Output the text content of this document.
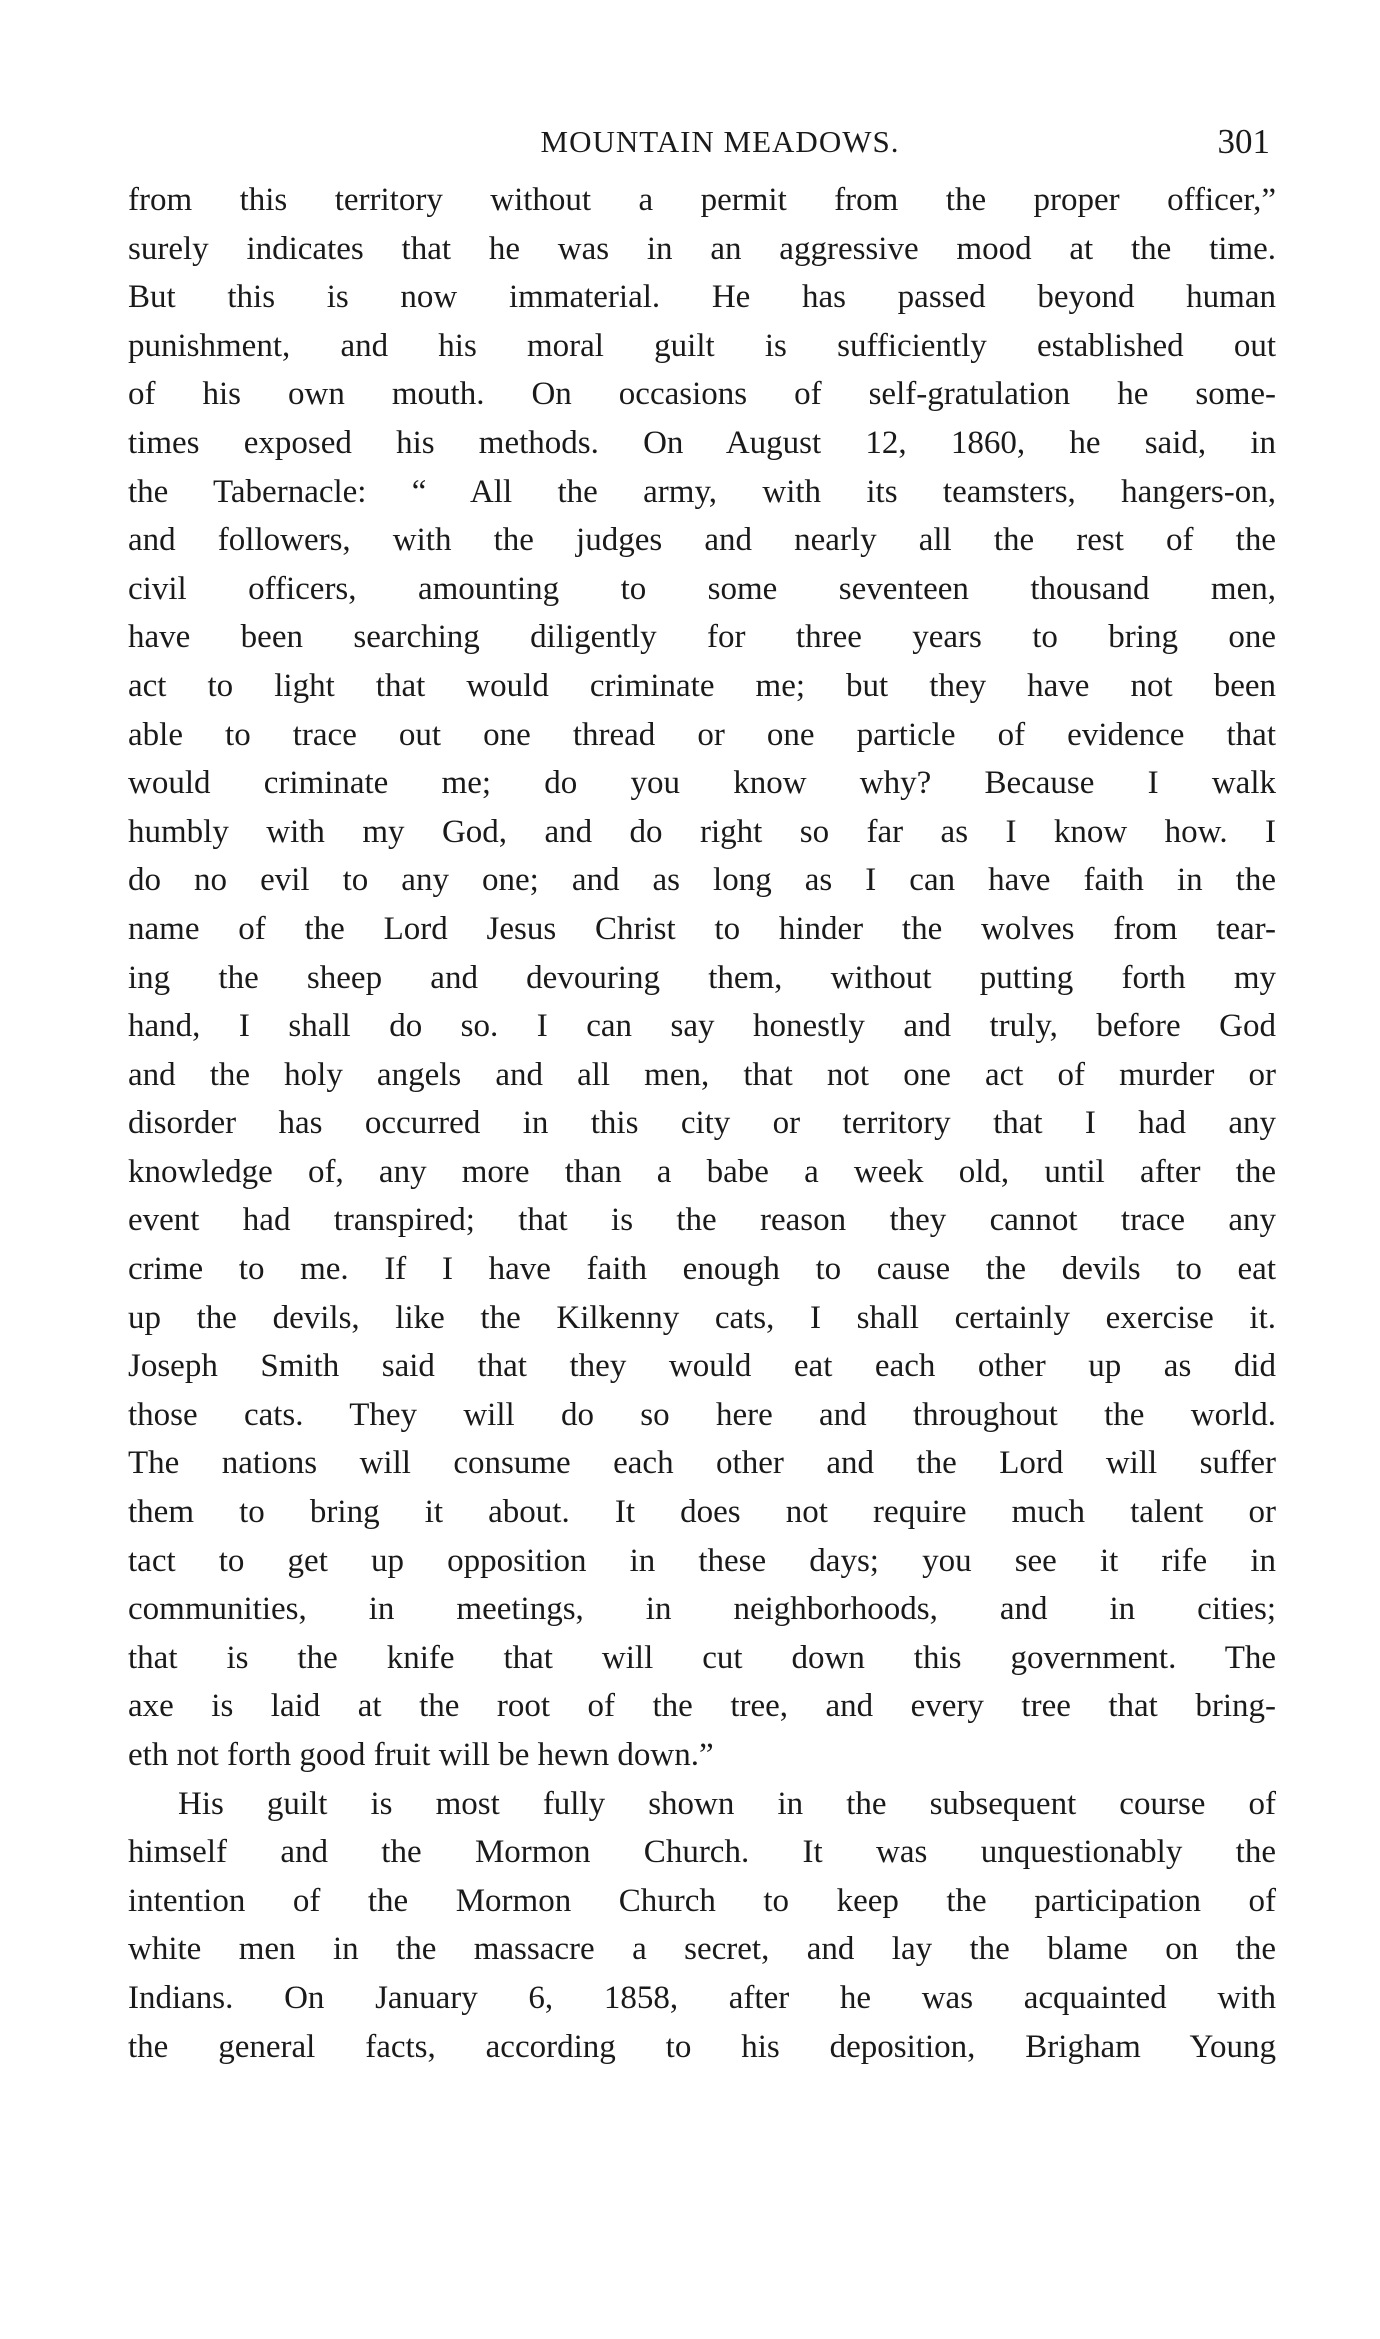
MOUNTAIN MEADOWS.	301
from this territory without a permit from the proper officer,”
surely indicates that he was in an aggressive mood at the time.
But this is now immaterial. He has passed beyond human
punishment, and his moral guilt is sufficiently established out
of his own mouth. On occasions of self-gratulation he some-
times exposed his methods. On August 12, 1860, he said, in
the Tabernacle: “ All the army, with its teamsters, hangers-on,
and followers, with the judges and nearly all the rest of the
civil officers, amounting to some seventeen thousand men,
have been searching diligently for three years to bring one
act to light that would criminate me; but they have not been
able to trace out one thread or one particle of evidence that
would criminate me; do you know why? Because I walk
humbly with my God, and do right so far as I know how. I
do no evil to any one; and as long as I can have faith in the
name of the Lord Jesus Christ to hinder the wolves from tear-
ing the sheep and devouring them, without putting forth my
hand, I shall do so. I can say honestly and truly, before God
and the holy angels and all men, that not one act of murder or
disorder has occurred in this city or territory that I had any
knowledge of, any more than a babe a week old, until after the
event had transpired; that is the reason they cannot trace any
crime to me. If I have faith enough to cause the devils to eat
up the devils, like the Kilkenny cats, I shall certainly exercise it.
Joseph Smith said that they would eat each other up as did
those cats. They will do so here and throughout the world.
The nations will consume each other and the Lord will suffer
them to bring it about. It does not require much talent or
tact to get up opposition in these days; you see it rife in
communities, in meetings, in neighborhoods, and in cities;
that is the knife that will cut down this government. The
axe is laid at the root of the tree, and every tree that bring-
eth not forth good fruit will be hewn down.”
His guilt is most fully shown in the subsequent course of
himself and the Mormon Church. It was unquestionably the
intention of the Mormon Church to keep the participation of
white men in the massacre a secret, and lay the blame on the
Indians. On January 6, 1858, after he was acquainted with
the general facts, according to his deposition, Brigham Young
